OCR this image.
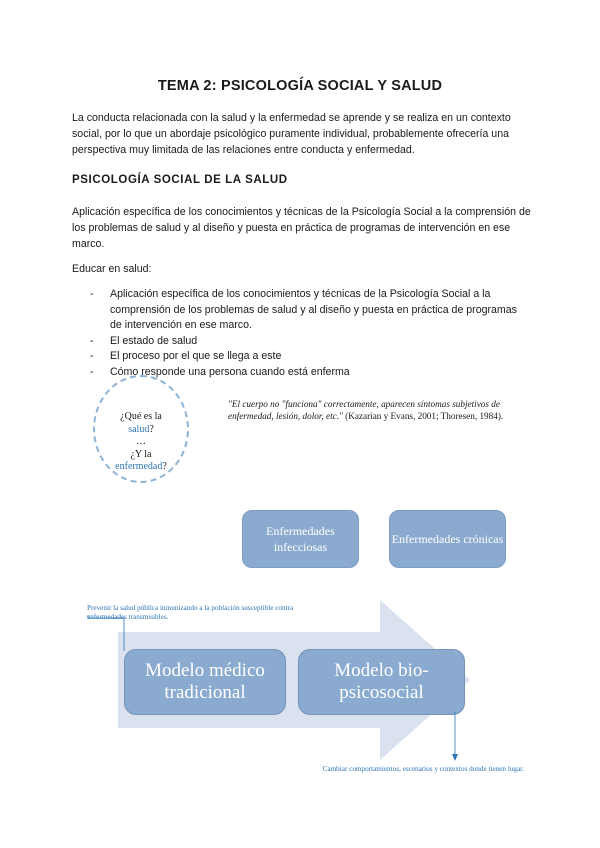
TEMA 2: PSICOLOGÍA SOCIAL Y SALUD

La conducta relacionada con la salud y la enfermedad se aprende y se realiza en un contexto social, por lo que un abordaje psicológico puramente individual, probablemente ofrecería una perspectiva muy limitada de las relaciones entre conducta y enfermedad.

PSICOLOGÍA SOCIAL DE LA SALUD

Aplicación específica de los conocimientos y técnicas de la Psicología Social a la comprensión de los problemas de salud y al diseño y puesta en práctica de programas de intervención en ese marco.

Educar en salud:
- Aplicación específica de los conocimientos y técnicas de la Psicología Social a la comprensión de los problemas de salud y al diseño y puesta en práctica de programas de intervención en ese marco.
- El estado de salud
- El proceso por el que se llega a este
- Cómo responde una persona cuando está enferma
¿Qué es la
salud?
…
¿Y la
enfermedad?
"El cuerpo no "funciona" correctamente, aparecen síntomas subjetivos de enfermedad, lesión, dolor, etc." (Kazarian y Evans, 2001; Thoresen, 1984).
Enfermedades infecciosas
Enfermedades crónicas
Modelo médico tradicional
Modelo bio-psicosocial
Prevenir la salud pública inmunizando a la población susceptible contra enfermedades transmisibles.
Cambiar comportamientos, escenarios y contextos donde tienen lugar.
